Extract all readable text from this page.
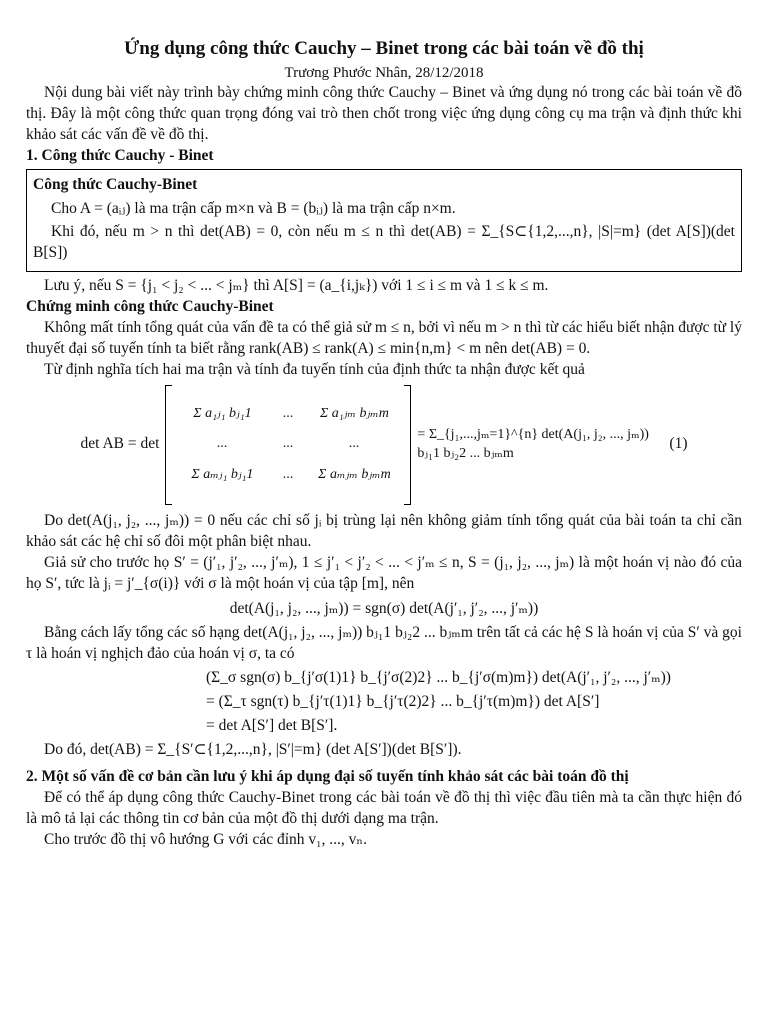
Ứng dụng công thức Cauchy – Binet trong các bài toán về đồ thị

Trương Phước Nhân, 28/12/2018

Nội dung bài viết này trình bày chứng minh công thức Cauchy – Binet và ứng dụng nó trong các bài toán về đồ thị. Đây là một công thức quan trọng đóng vai trò then chốt trong việc ứng dụng công cụ ma trận và định thức khi khảo sát các vấn đề về đồ thị.

1. Công thức Cauchy - Binet

Công thức Cauchy-Binet

Cho A = (aᵢⱼ) là ma trận cấp m×n và B = (bᵢⱼ) là ma trận cấp n×m.

Khi đó, nếu m > n thì det(AB) = 0, còn nếu m ≤ n thì det(AB) = Σ_{S⊂{1,2,...,n}, |S|=m} (det A[S])(det B[S])

Lưu ý, nếu S = {j₁ < j₂ < ... < jₘ} thì A[S] = (a_{i,jₖ}) với 1 ≤ i ≤ m và 1 ≤ k ≤ m.

Chứng minh công thức Cauchy-Binet

Không mất tính tổng quát của vấn đề ta có thể giả sử m ≤ n, bởi vì nếu m > n thì từ các hiểu biết nhận được từ lý thuyết đại số tuyến tính ta biết rằng rank(AB) ≤ rank(A) ≤ min{n,m} < m nên det(AB) = 0.

Từ định nghĩa tích hai ma trận và tính đa tuyến tính của định thức ta nhận được kết quả

det AB = det
Σ a₁ⱼ₁ bⱼ₁1	...	Σ a₁ⱼₘ bⱼₘm
...	...	...
Σ aₘⱼ₁ bⱼ₁1	...	Σ aₘⱼₘ bⱼₘm
= Σ_{j₁,...,jₘ=1}^{n} det(A(j₁, j₂, ..., jₘ)) bⱼ₁1 bⱼ₂2 ... bⱼₘm
(1)

Do det(A(j₁, j₂, ..., jₘ)) = 0 nếu các chỉ số jᵢ bị trùng lại nên không giảm tính tổng quát của bài toán ta chỉ cần khảo sát các hệ chỉ số đôi một phân biệt nhau.

Giả sử cho trước họ S′ = (j′₁, j′₂, ..., j′ₘ), 1 ≤ j′₁ < j′₂ < ... < j′ₘ ≤ n, S = (j₁, j₂, ..., jₘ) là một hoán vị nào đó của họ S′, tức là jᵢ = j′_{σ(i)} với σ là một hoán vị của tập [m], nên

det(A(j₁, j₂, ..., jₘ)) = sgn(σ) det(A(j′₁, j′₂, ..., j′ₘ))

Bằng cách lấy tổng các số hạng det(A(j₁, j₂, ..., jₘ)) bⱼ₁1 bⱼ₂2 ... bⱼₘm trên tất cả các hệ S là hoán vị của S′ và gọi τ là hoán vị nghịch đảo của hoán vị σ, ta có

(Σ_σ sgn(σ) b_{j′σ(1)1} b_{j′σ(2)2} ... b_{j′σ(m)m}) det(A(j′₁, j′₂, ..., j′ₘ))

= (Σ_τ sgn(τ) b_{j′τ(1)1} b_{j′τ(2)2} ... b_{j′τ(m)m}) det A[S′]

= det A[S′] det B[S′].

Do đó, det(AB) = Σ_{S′⊂{1,2,...,n}, |S′|=m} (det A[S′])(det B[S′]).

2. Một số vấn đề cơ bản cần lưu ý khi áp dụng đại số tuyến tính khảo sát các bài toán đồ thị

Để có thể áp dụng công thức Cauchy-Binet trong các bài toán về đồ thị thì việc đầu tiên mà ta cần thực hiện đó là mô tả lại các thông tin cơ bản của một đồ thị dưới dạng ma trận.

Cho trước đồ thị vô hướng G với các đỉnh v₁, ..., vₙ.
